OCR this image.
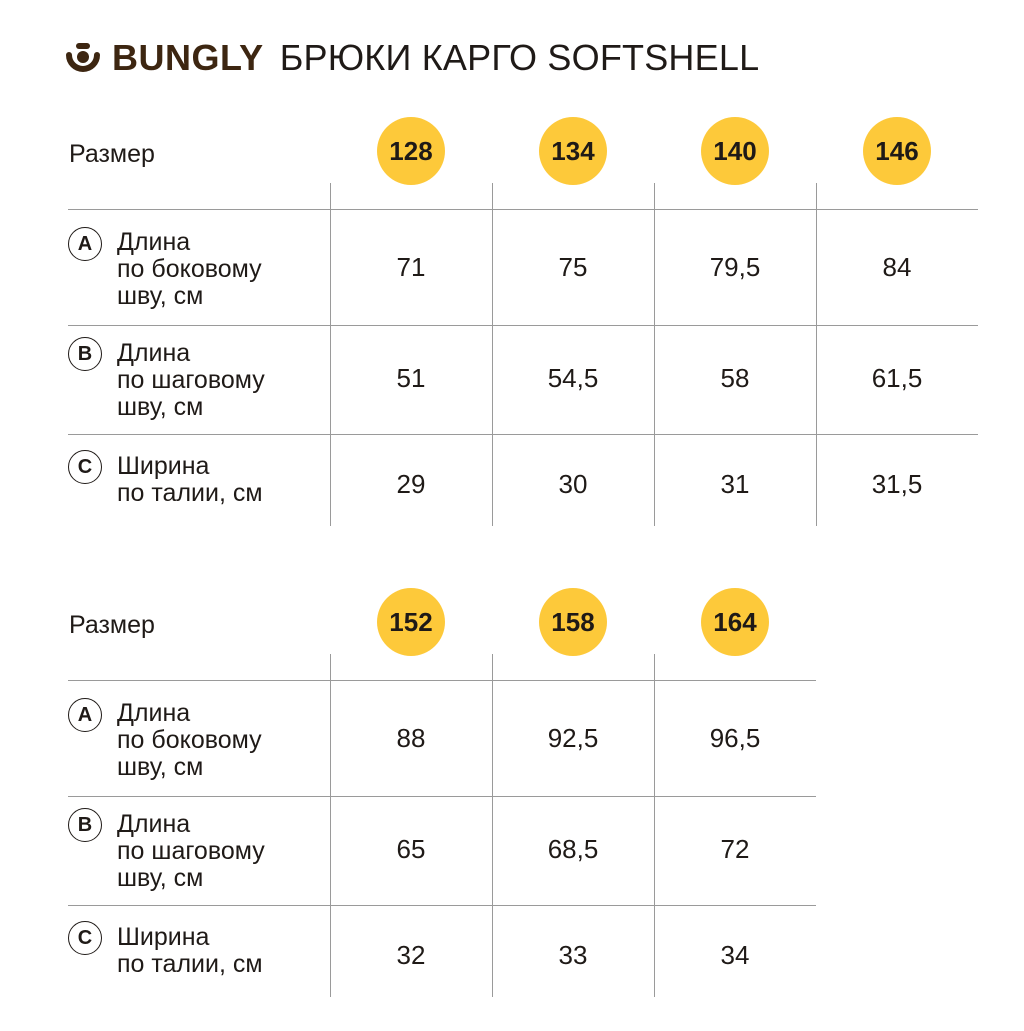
BUNGLY БРЮКИ КАРГО SOFTSHELL
Размер	128	134	140	146
A Длина
по боковому
шву, см
71	75	79,5	84
B Длина
по шаговому
шву, см
51	54,5	58	61,5
C Ширина
по талии, см	29	30	31	31,5
Размер	152	158	164
A Длина
по боковому
шву, см
88	92,5	96,5
B Длина
по шаговому
шву, см
65	68,5	72
C Ширина
по талии, см	32	33	34
